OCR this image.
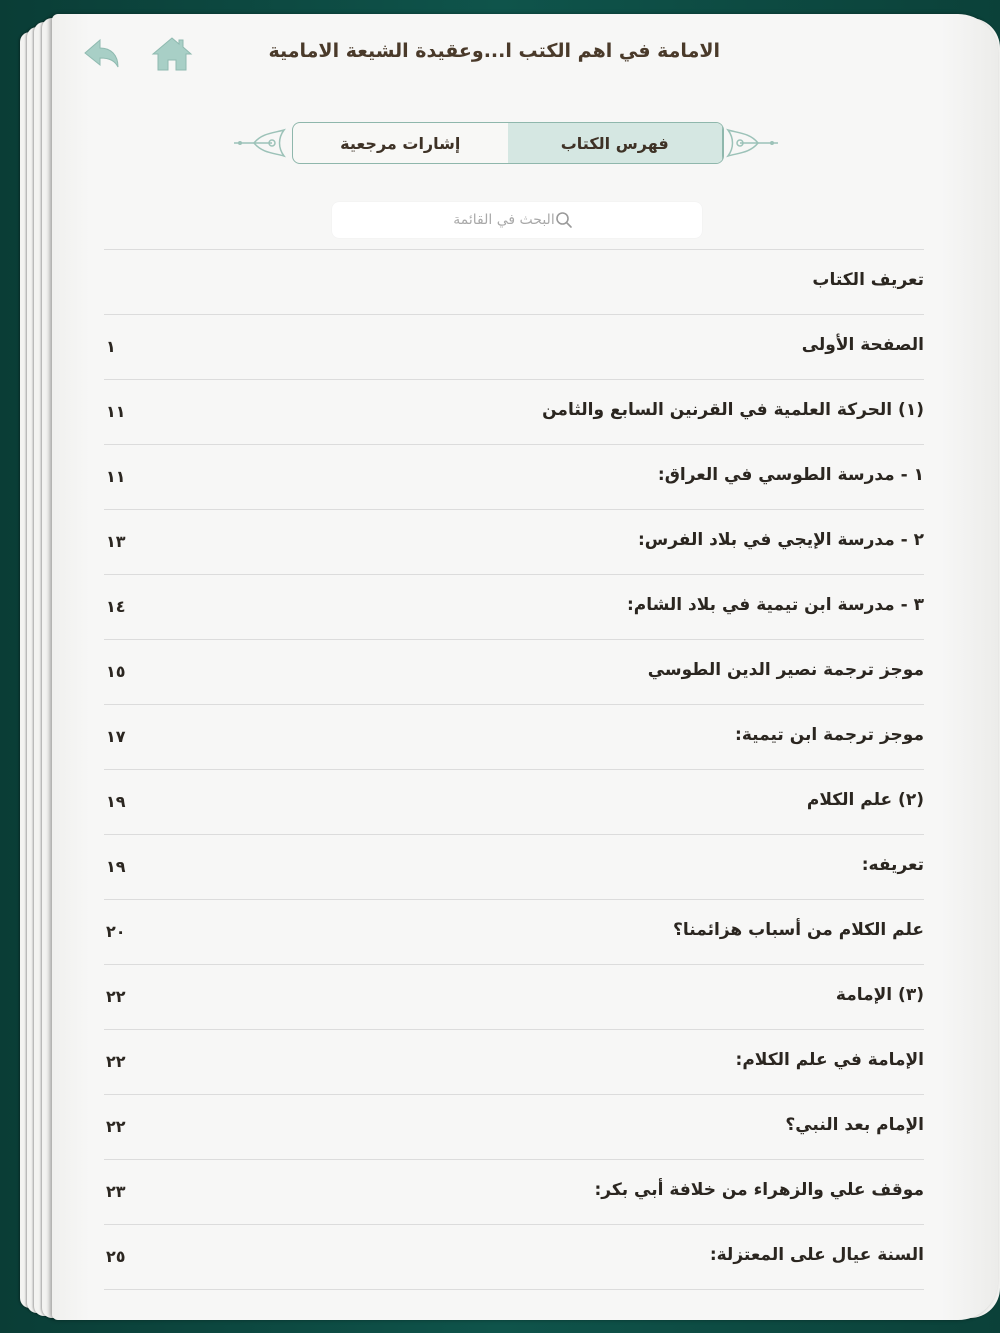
الامامة في اهم الكتب ا...وعقيدة الشيعة الامامية
إشارات مرجعية	فهرس الكتاب
البحث في القائمة
تعريف الكتاب
الصفحة الأولى
١
(١) الحركة العلمية في القرنين السابع والثامن
١١
١ - مدرسة الطوسي في العراق:
١١
٢ - مدرسة الإيجي في بلاد الفرس:
١٣
٣ - مدرسة ابن تيمية في بلاد الشام:
١٤
موجز ترجمة نصير الدين الطوسي
١٥
موجز ترجمة ابن تيمية:
١٧
(٢) علم الكلام
١٩
تعريفه:
١٩
علم الكلام من أسباب هزائمنا؟
٢٠
(٣) الإمامة
٢٢
الإمامة في علم الكلام:
٢٢
الإمام بعد النبي؟
٢٢
موقف علي والزهراء من خلافة أبي بكر:
٢٣
السنة عيال على المعتزلة:
٢٥
